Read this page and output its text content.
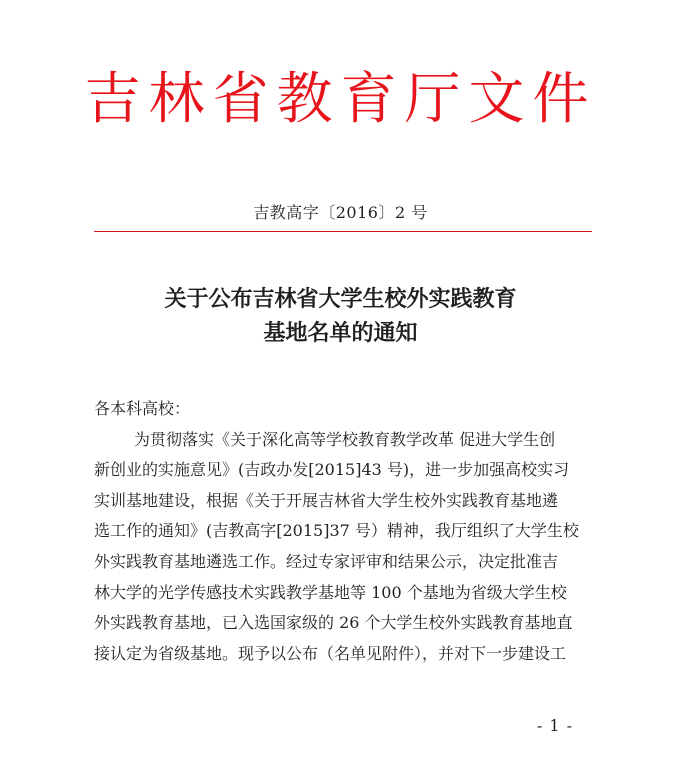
吉林省教育厅文件
吉教高字〔2016〕2 号
关于公布吉林省大学生校外实践教育
基地名单的通知
各本科高校：
为贯彻落实《关于深化高等学校教育教学改革 促进大学生创
新创业的实施意见》(吉政办发[2015]43 号)，进一步加强高校实习
实训基地建设，根据《关于开展吉林省大学生校外实践教育基地遴
选工作的通知》(吉教高字[2015]37 号）精神，我厅组织了大学生校
外实践教育基地遴选工作。经过专家评审和结果公示，决定批准吉
林大学的光学传感技术实践教学基地等 100 个基地为省级大学生校
外实践教育基地，已入选国家级的 26 个大学生校外实践教育基地直
接认定为省级基地。现予以公布（名单见附件），并对下一步建设工
- 1 -
